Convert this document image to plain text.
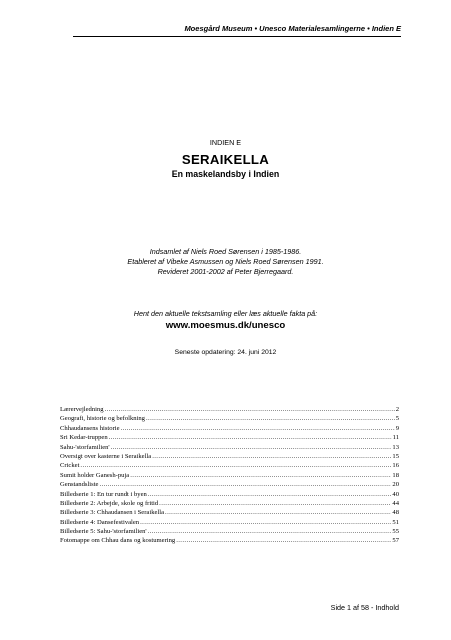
Moesgård Museum • Unesco Materialesamlingerne • Indien E
INDIEN E
SERAIKELLA
En maskelandsby i Indien
Indsamlet af Niels Roed Sørensen i 1985-1986.
Etableret af Vibeke Asmussen og Niels Roed Sørensen 1991.
Revideret 2001-2002 af Peter Bjerregaard.
Hent den aktuelle tekstsamling eller læs aktuelle fakta på:
www.moesmus.dk/unesco
Seneste opdatering: 24. juni 2012
Lærervejledning .....	2
Geografi, historie og befolkning .....	5
Chhaudansens historie .....	9
Sri Kedar-truppen .....	11
Sahu-'storfamilien' .....	13
Oversigt over kasterne i Seraikella .....	15
Cricket .....	16
Sumit holder Ganesh-puja .....	18
Genstandsliste .....	20
Billedserie 1: En tur rundt i byen .....	40
Billedserie 2: Arbejde, skole og fritid .....	44
Billedserie 3: Chhaudansen i Seraikella .....	48
Billedserie 4: Dansefestivalen .....	51
Billedserie 5: Sahu-'storfamilien' .....	55
Fotomappe om Chhau dans og kostumering .....	57
Side 1 af 58 - Indhold
